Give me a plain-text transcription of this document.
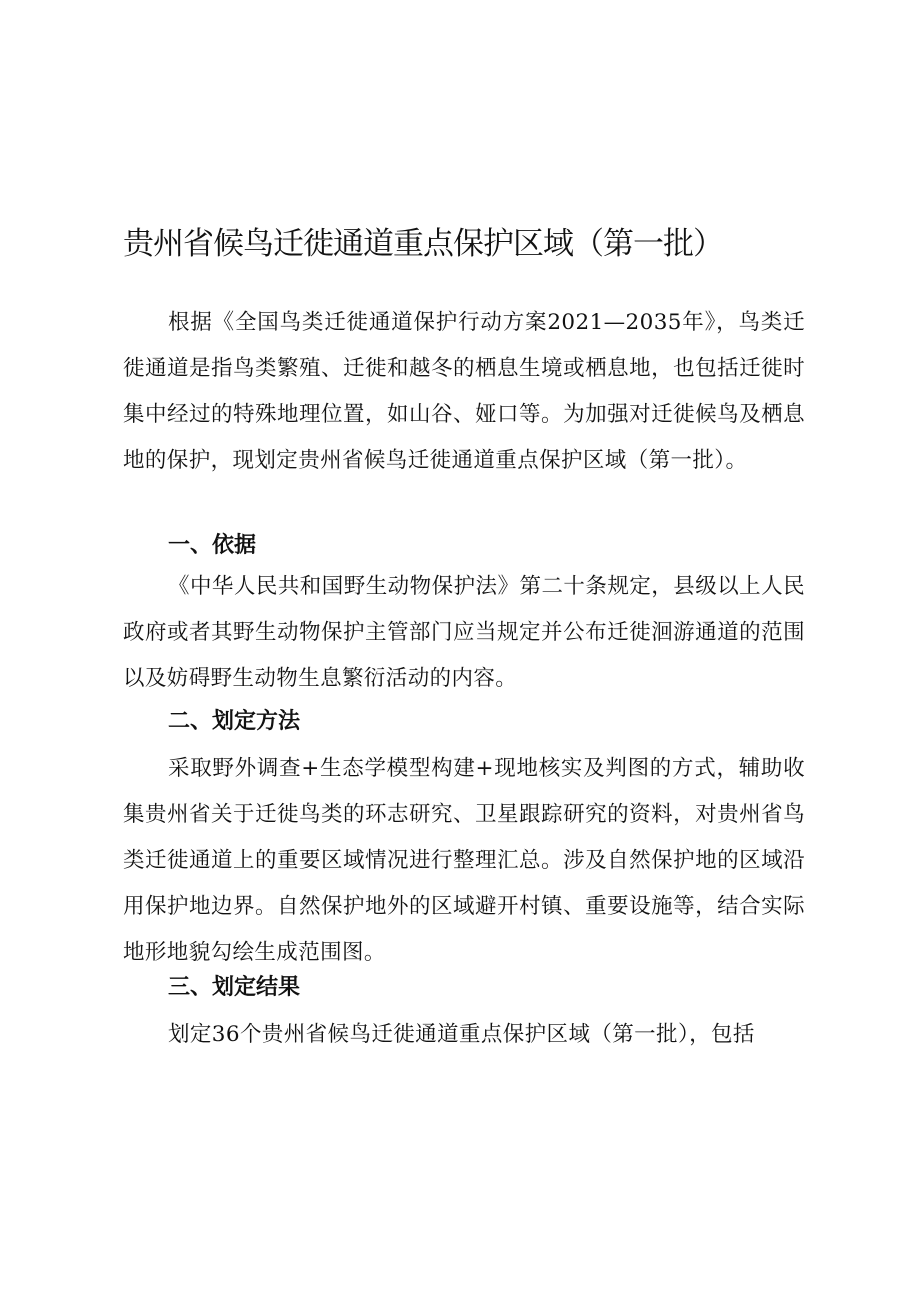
贵州省候鸟迁徙通道重点保护区域（第一批）

根据《全国鸟类迁徙通道保护行动方案2021—2035年》，鸟类迁徙通道是指鸟类繁殖、迁徙和越冬的栖息生境或栖息地，也包括迁徙时集中经过的特殊地理位置，如山谷、娅口等。为加强对迁徙候鸟及栖息地的保护，现划定贵州省候鸟迁徙通道重点保护区域（第一批）。

一、依据

《中华人民共和国野生动物保护法》第二十条规定，县级以上人民政府或者其野生动物保护主管部门应当规定并公布迁徙洄游通道的范围以及妨碍野生动物生息繁衍活动的内容。

二、划定方法

采取野外调查+生态学模型构建+现地核实及判图的方式，辅助收集贵州省关于迁徙鸟类的环志研究、卫星跟踪研究的资料，对贵州省鸟类迁徙通道上的重要区域情况进行整理汇总。涉及自然保护地的区域沿用保护地边界。自然保护地外的区域避开村镇、重要设施等，结合实际地形地貌勾绘生成范围图。

三、划定结果

划定36个贵州省候鸟迁徙通道重点保护区域（第一批），包括
